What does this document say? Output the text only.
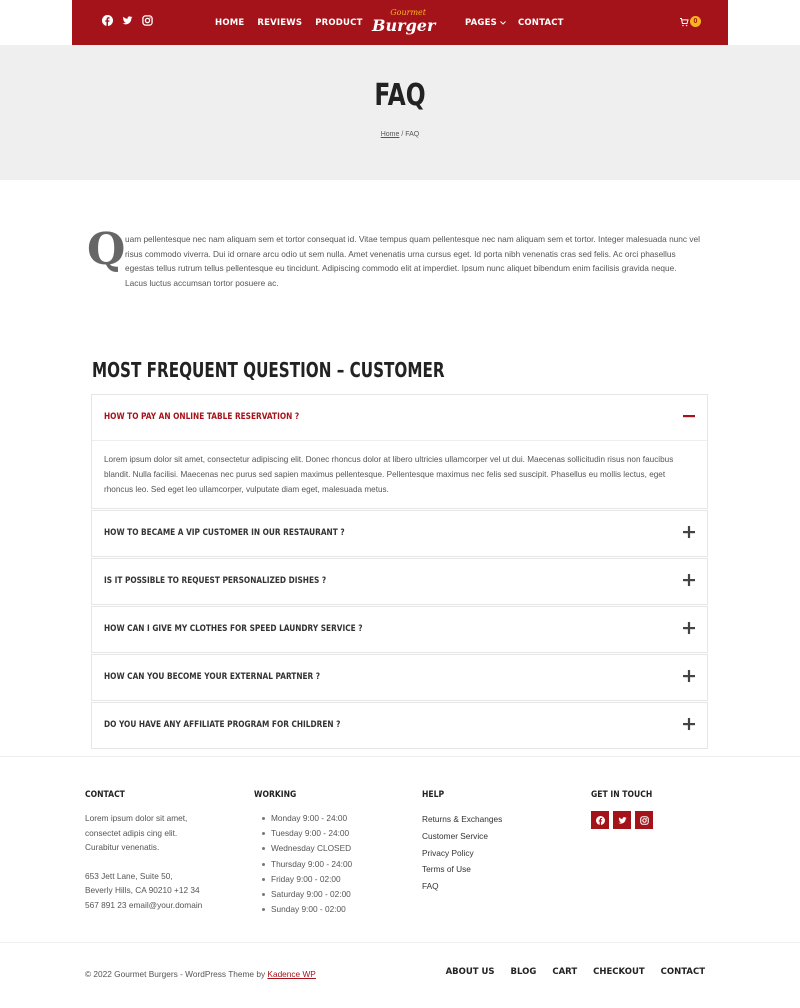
HOME REVIEWS PRODUCT
Gourmet
Burger	PAGES	CONTACT	0
FAQ
Home / FAQ
Q uam pellentesque nec nam aliquam sem et tortor consequat id. Vitae tempus quam pellentesque nec nam aliquam sem et tortor. Integer malesuada nunc vel risus commodo viverra. Dui id ornare arcu odio ut sem nulla. Amet venenatis urna cursus eget. Id porta nibh venenatis cras sed felis. Ac orci phasellus egestas tellus rutrum tellus pellentesque eu tincidunt. Adipiscing commodo elit at imperdiet. Ipsum nunc aliquet bibendum enim facilisis gravida neque. Lacus luctus accumsan tortor posuere ac.

MOST FREQUENT QUESTION – CUSTOMER
HOW TO PAY AN ONLINE TABLE RESERVATION ?
Lorem ipsum dolor sit amet, consectetur adipiscing elit. Donec rhoncus dolor at libero ultricies ullamcorper vel ut dui. Maecenas sollicitudin risus non faucibus blandit. Nulla facilisi. Maecenas nec purus sed sapien maximus pellentesque. Pellentesque maximus nec felis sed suscipit. Phasellus eu mollis lectus, eget rhoncus leo. Sed eget leo ullamcorper, vulputate diam eget, malesuada metus.
HOW TO BECAME A VIP CUSTOMER IN OUR RESTAURANT ?
IS IT POSSIBLE TO REQUEST PERSONALIZED DISHES ?
HOW CAN I GIVE MY CLOTHES FOR SPEED LAUNDRY SERVICE ?
HOW CAN YOU BECOME YOUR EXTERNAL PARTNER ?
DO YOU HAVE ANY AFFILIATE PROGRAM FOR CHILDREN ?
CONTACT
Lorem ipsum dolor sit amet,
consectet adipis cing elit.
Curabitur venenatis.
653 Jett Lane, Suite 50,
Beverly Hills, CA 90210 +12 34
567 891 23 email@your.domain
WORKING
Monday 9:00 - 24:00
Tuesday 9:00 - 24:00
Wednesday CLOSED
Thursday 9:00 - 24:00
Friday 9:00 - 02:00
Saturday 9:00 - 02:00
Sunday 9:00 - 02:00
HELP
Returns & Exchanges
Customer Service
Privacy Policy
Terms of Use
FAQ
GET IN TOUCH
© 2022 Gourmet Burgers - WordPress Theme by Kadence WP	ABOUT US BLOG CART CHECKOUT CONTACT
